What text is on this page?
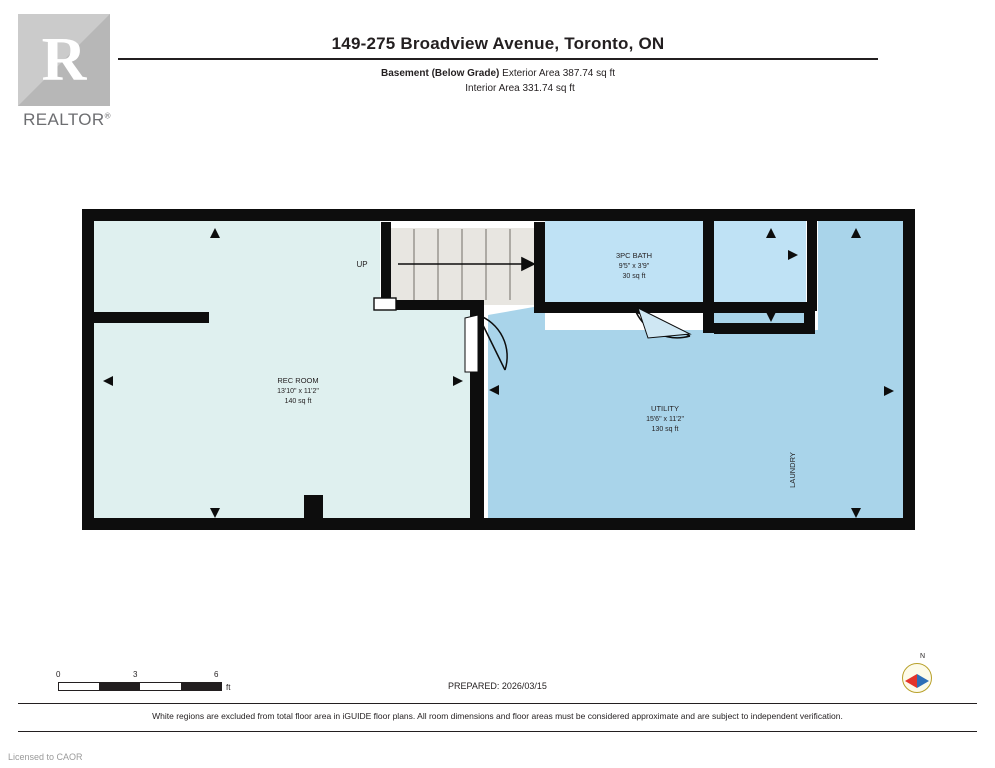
R
REALTOR®
149-275 Broadview Avenue, Toronto, ON
Basement (Below Grade) Exterior Area 387.74 sq ft
Interior Area 331.74 sq ft
UP
REC ROOM
13'10" x 11'2"
140 sq ft
3PC BATH
9'5" x 3'9"
30 sq ft
UTILITY
15'6" x 11'2"
130 sq ft
LAUNDRY
0	3	6
ft	PREPARED: 2026/03/15
N
White regions are excluded from total floor area in iGUIDE floor plans. All room dimensions and floor areas must be considered approximate and are subject to independent verification.
Licensed to CAOR
